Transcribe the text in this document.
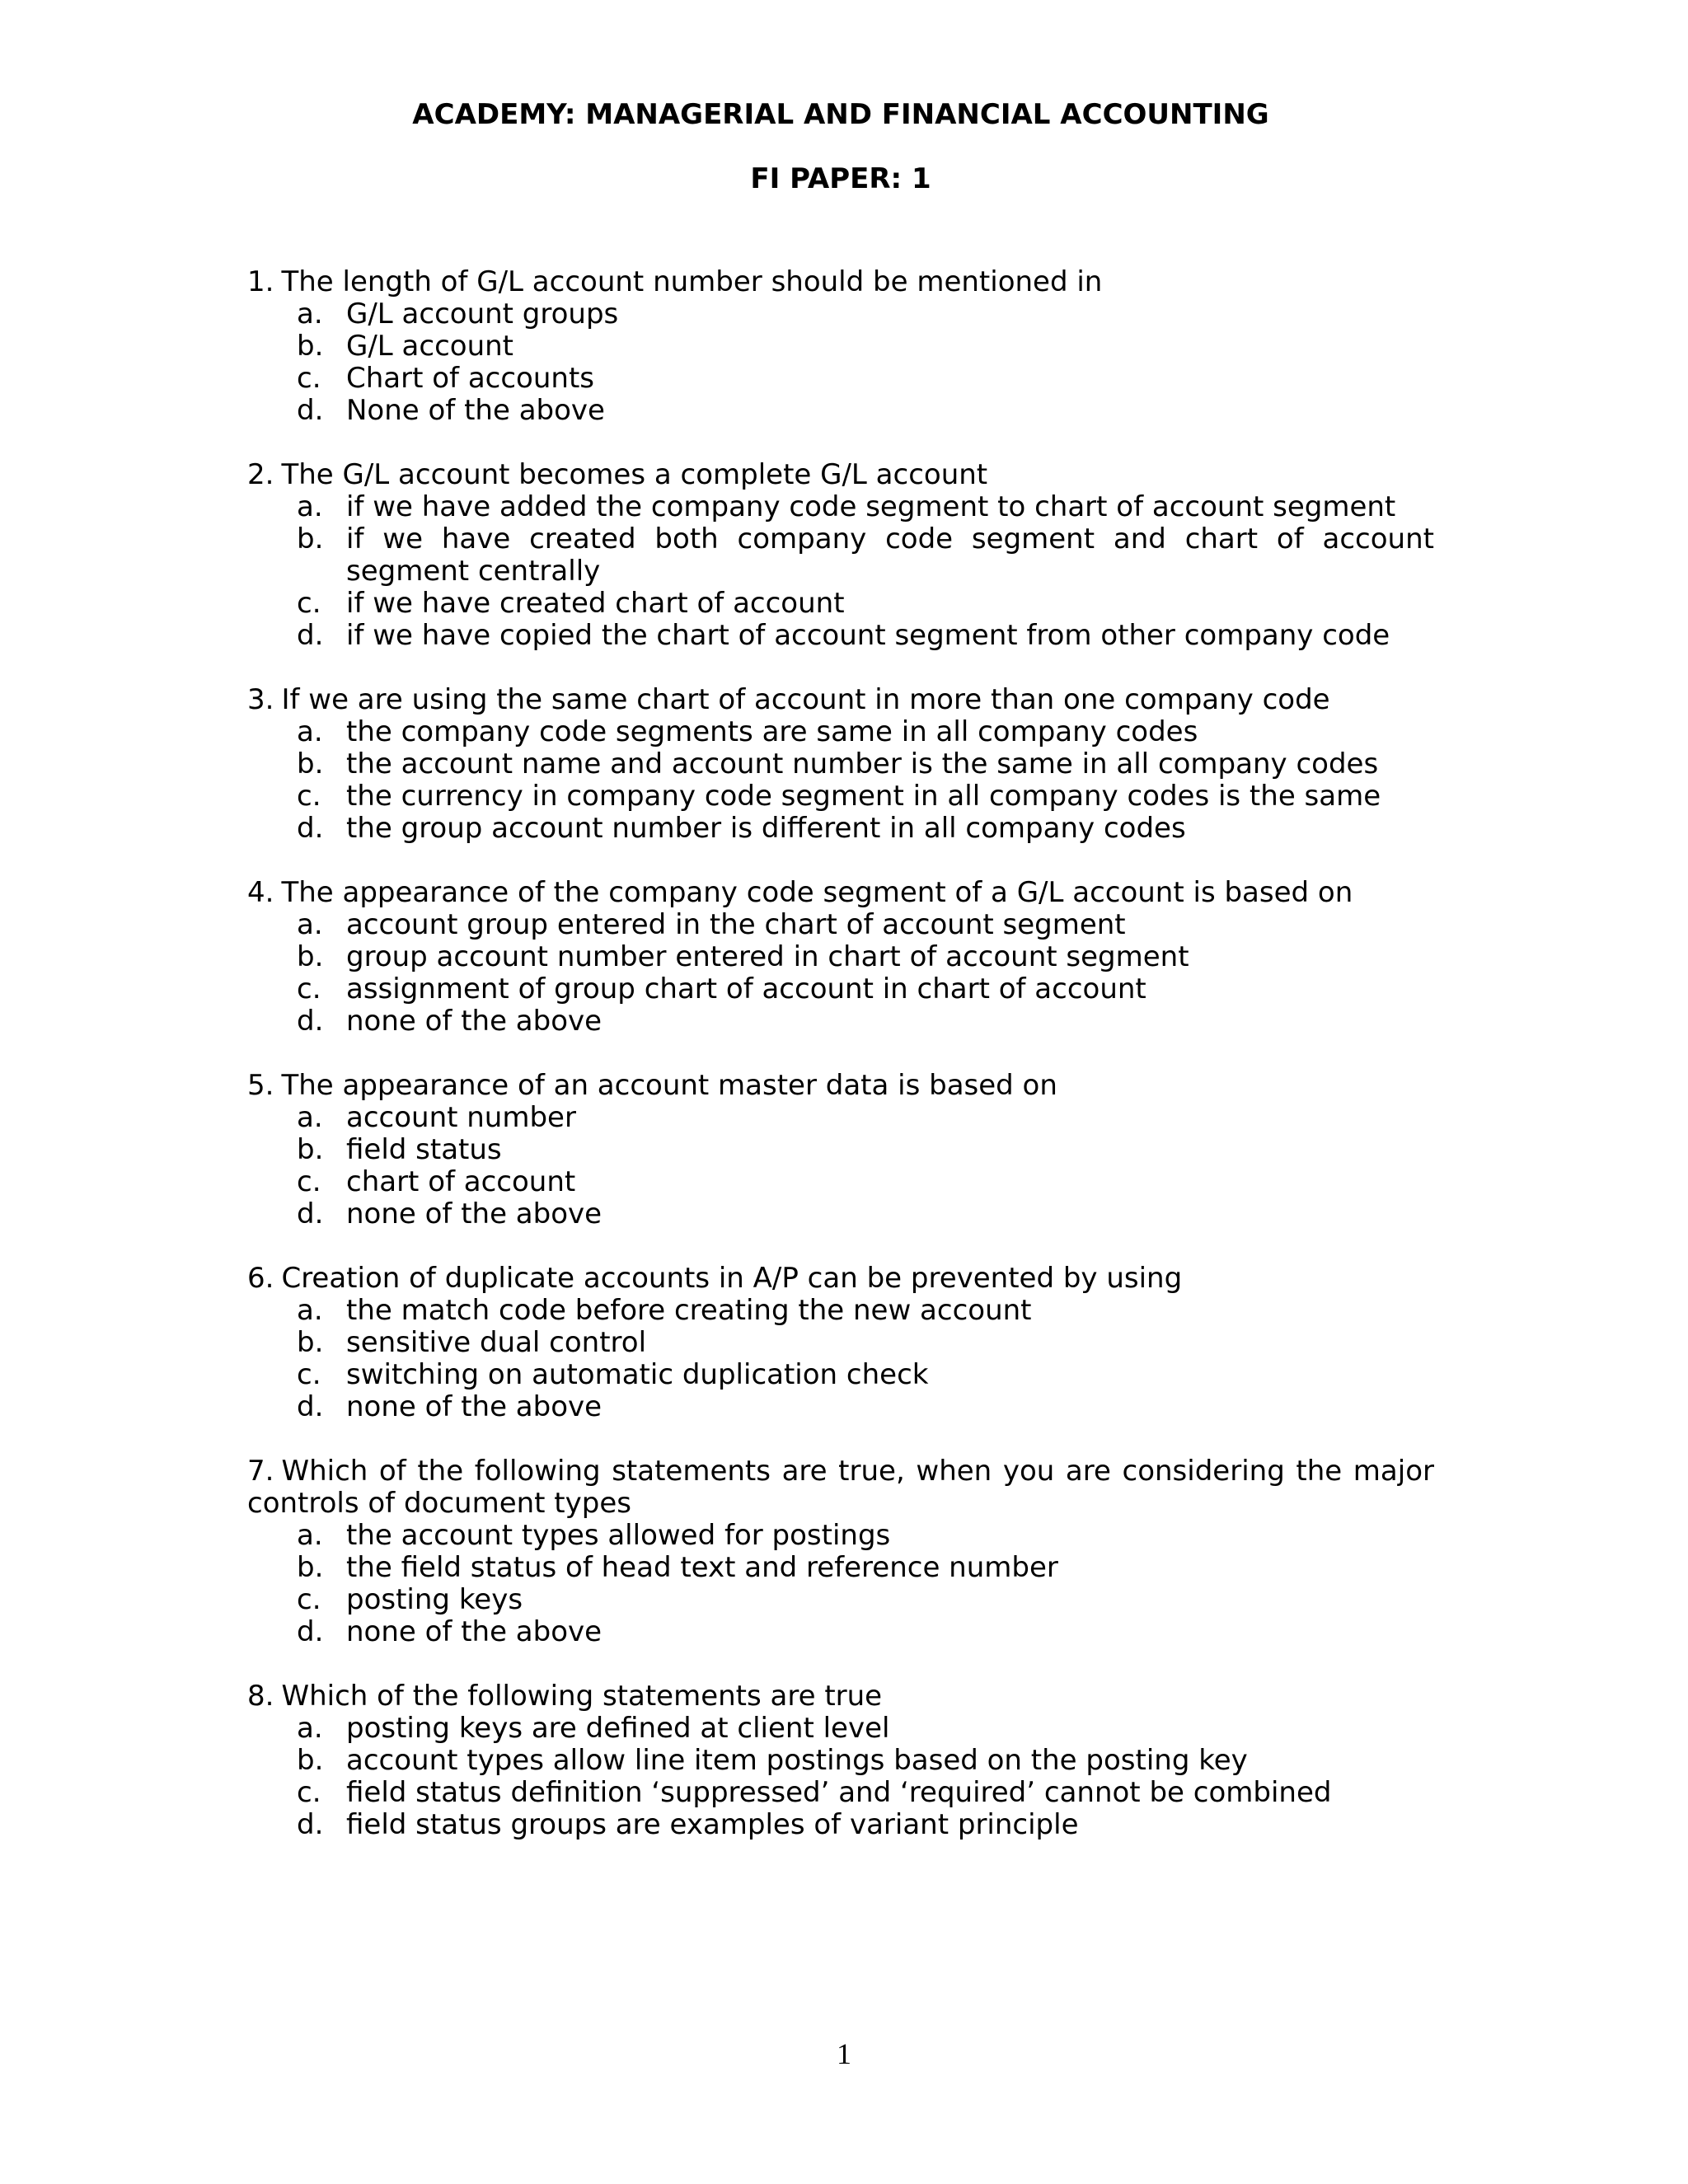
ACADEMY: MANAGERIAL AND FINANCIAL ACCOUNTING
FI PAPER: 1

1. The length of G/L account number should be mentioned in

a. G/L account groups
b. G/L account
c. Chart of accounts
d. None of the above

2. The G/L account becomes a complete G/L account

a. if we have added the company code segment to chart of account segment
b. if we have created both company code segment and chart of account segment centrally
c. if we have created chart of account
d. if we have copied the chart of account segment from other company code

3. If we are using the same chart of account in more than one company code

a. the company code segments are same in all company codes
b. the account name and account number is the same in all company codes
c. the currency in company code segment in all company codes is the same
d. the group account number is different in all company codes

4. The appearance of the company code segment of a G/L account is based on

a. account group entered in the chart of account segment
b. group account number entered in chart of account segment
c. assignment of group chart of account in chart of account
d. none of the above

5. The appearance of an account master data is based on

a. account number
b. field status
c. chart of account
d. none of the above

6. Creation of duplicate accounts in A/P can be prevented by using

a. the match code before creating the new account
b. sensitive dual control
c. switching on automatic duplication check
d. none of the above

7. Which of the following statements are true, when you are considering the major controls of document types

a. the account types allowed for postings
b. the field status of head text and reference number
c. posting keys
d. none of the above

8. Which of the following statements are true

a. posting keys are defined at client level
b. account types allow line item postings based on the posting key
c. field status definition ‘suppressed’ and ‘required’ cannot be combined
d. field status groups are examples of variant principle
1
